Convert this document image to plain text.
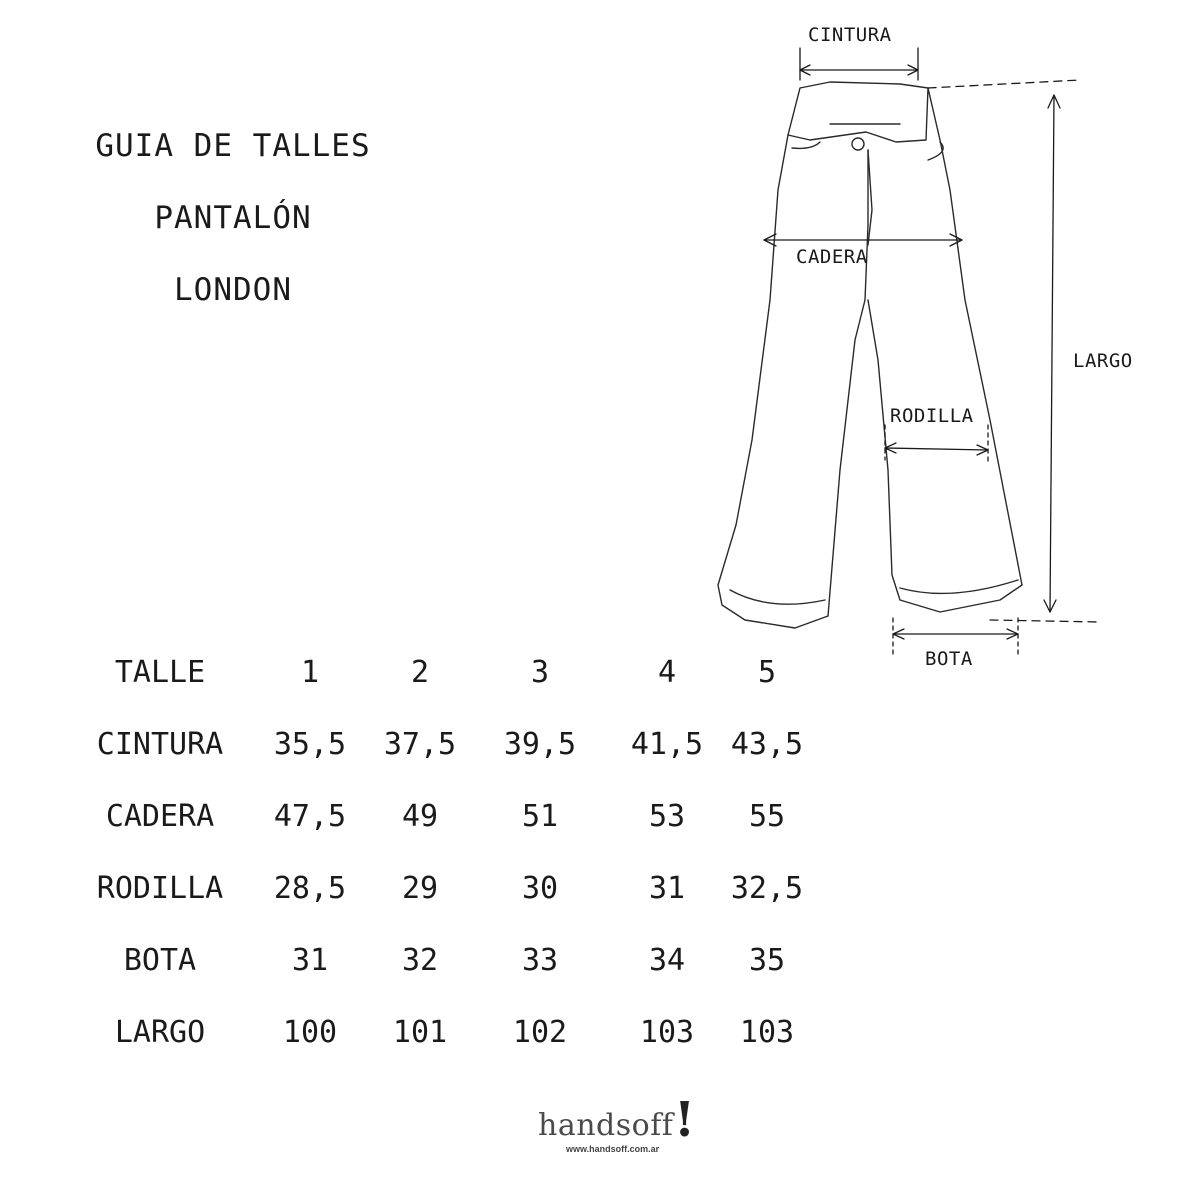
GUIA DE TALLES
PANTALÓN
LONDON
CINTURA
CADERA
LARGO
RODILLA
BOTA
TALLE	1	2	3	4	5
CINTURA	35,5	37,5	39,5	41,5 43,5
CADERA	47,5	49	51	53	55
RODILLA	28,5	29	30	31	32,5
BOTA	31	32	33	34	35
LARGO	100	101	102	103	103
handsoff !
www.handsoff.com.ar
